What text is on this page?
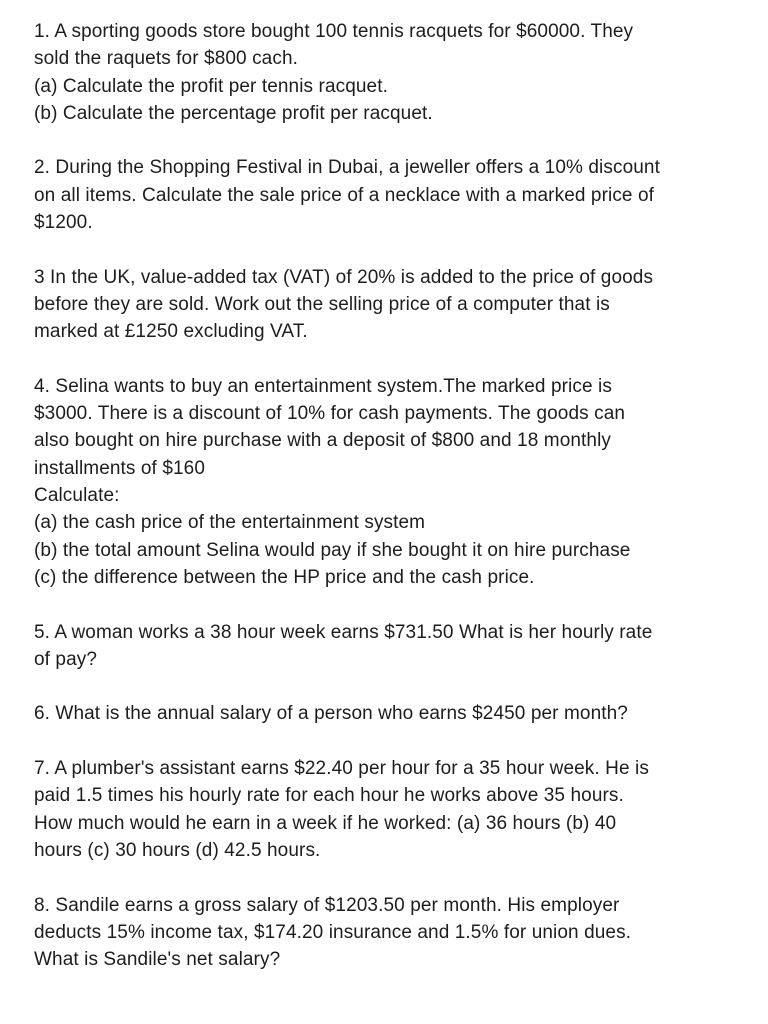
1. A sporting goods store bought 100 tennis racquets for $60000. They
sold the raquets for $800 cach.
(a) Calculate the profit per tennis racquet.
(b) Calculate the percentage profit per racquet.
2. During the Shopping Festival in Dubai, a jeweller offers a 10% discount
on all items. Calculate the sale price of a necklace with a marked price of
$1200.
3 In the UK, value-added tax (VAT) of 20% is added to the price of goods
before they are sold. Work out the selling price of a computer that is
marked at £1250 excluding VAT.
4. Selina wants to buy an entertainment system.The marked price is
$3000. There is a discount of 10% for cash payments. The goods can
also bought on hire purchase with a deposit of $800 and 18 monthly
installments of $160
Calculate:
(a) the cash price of the entertainment system
(b) the total amount Selina would pay if she bought it on hire purchase
(c) the difference between the HP price and the cash price.
5. A woman works a 38 hour week earns $731.50 What is her hourly rate
of pay?
6. What is the annual salary of a person who earns $2450 per month?
7. A plumber's assistant earns $22.40 per hour for a 35 hour week. He is
paid 1.5 times his hourly rate for each hour he works above 35 hours.
How much would he earn in a week if he worked: (a) 36 hours (b) 40
hours (c) 30 hours (d) 42.5 hours.
8. Sandile earns a gross salary of $1203.50 per month. His employer
deducts 15% income tax, $174.20 insurance and 1.5% for union dues.
What is Sandile's net salary?
